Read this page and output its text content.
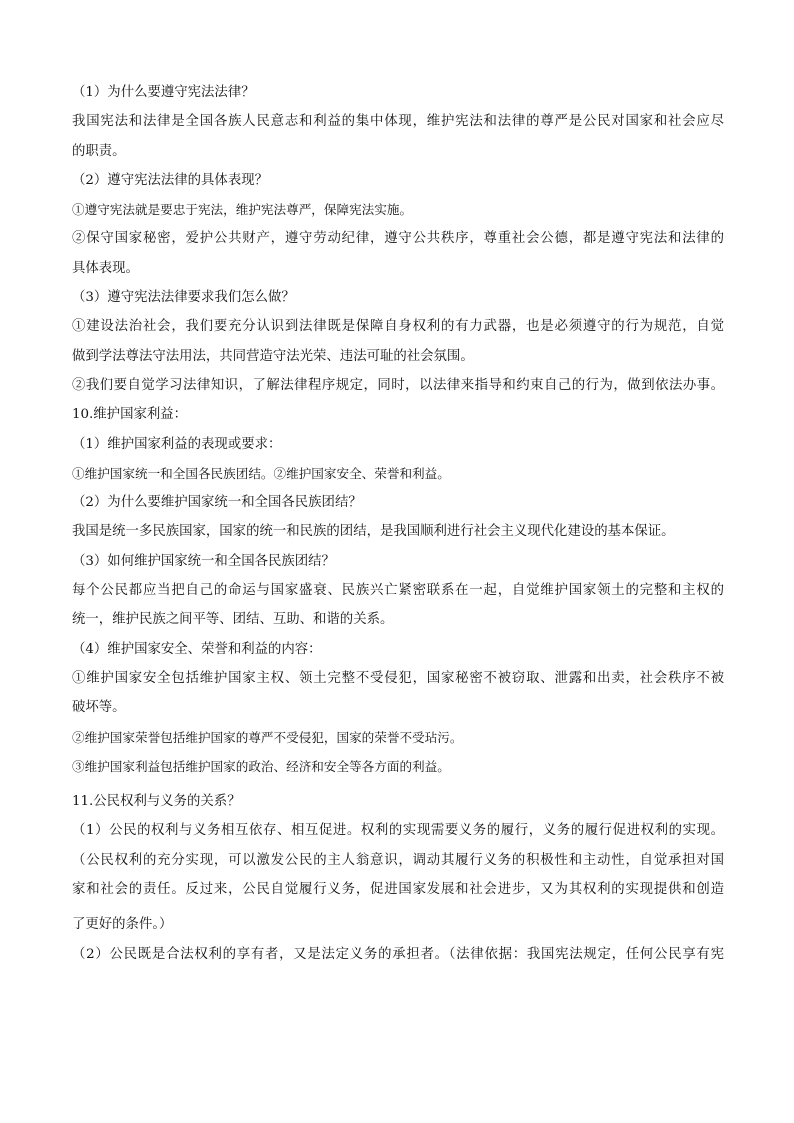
（1）为什么要遵守宪法法律？
我国宪法和法律是全国各族人民意志和利益的集中体现，维护宪法和法律的尊严是公民对国家和社会应尽
的职责。
（2）遵守宪法法律的具体表现？
①遵守宪法就是要忠于宪法，维护宪法尊严，保障宪法实施。
②保守国家秘密，爱护公共财产，遵守劳动纪律，遵守公共秩序，尊重社会公德，都是遵守宪法和法律的
具体表现。
（3）遵守宪法法律要求我们怎么做？
①建设法治社会，我们要充分认识到法律既是保障自身权利的有力武器，也是必须遵守的行为规范，自觉
做到学法尊法守法用法，共同营造守法光荣、违法可耻的社会氛围。
②我们要自觉学习法律知识，了解法律程序规定，同时，以法律来指导和约束自己的行为，做到依法办事。
10.维护国家利益：
（1）维护国家利益的表现或要求：
①维护国家统一和全国各民族团结。②维护国家安全、荣誉和利益。
（2）为什么要维护国家统一和全国各民族团结？
我国是统一多民族国家，国家的统一和民族的团结，是我国顺利进行社会主义现代化建设的基本保证。
（3）如何维护国家统一和全国各民族团结？
每个公民都应当把自己的命运与国家盛衰、民族兴亡紧密联系在一起，自觉维护国家领土的完整和主权的
统一，维护民族之间平等、团结、互助、和谐的关系。
（4）维护国家安全、荣誉和利益的内容：
①维护国家安全包括维护国家主权、领土完整不受侵犯，国家秘密不被窃取、泄露和出卖，社会秩序不被
破坏等。
②维护国家荣誉包括维护国家的尊严不受侵犯，国家的荣誉不受玷污。
③维护国家利益包括维护国家的政治、经济和安全等各方面的利益。
11.公民权利与义务的关系？
（1）公民的权利与义务相互依存、相互促进。权利的实现需要义务的履行，义务的履行促进权利的实现。
（公民权利的充分实现，可以激发公民的主人翁意识，调动其履行义务的积极性和主动性，自觉承担对国
家和社会的责任。反过来，公民自觉履行义务，促进国家发展和社会进步，又为其权利的实现提供和创造
了更好的条件。）
（2）公民既是合法权利的享有者，又是法定义务的承担者。（法律依据：我国宪法规定，任何公民享有宪
